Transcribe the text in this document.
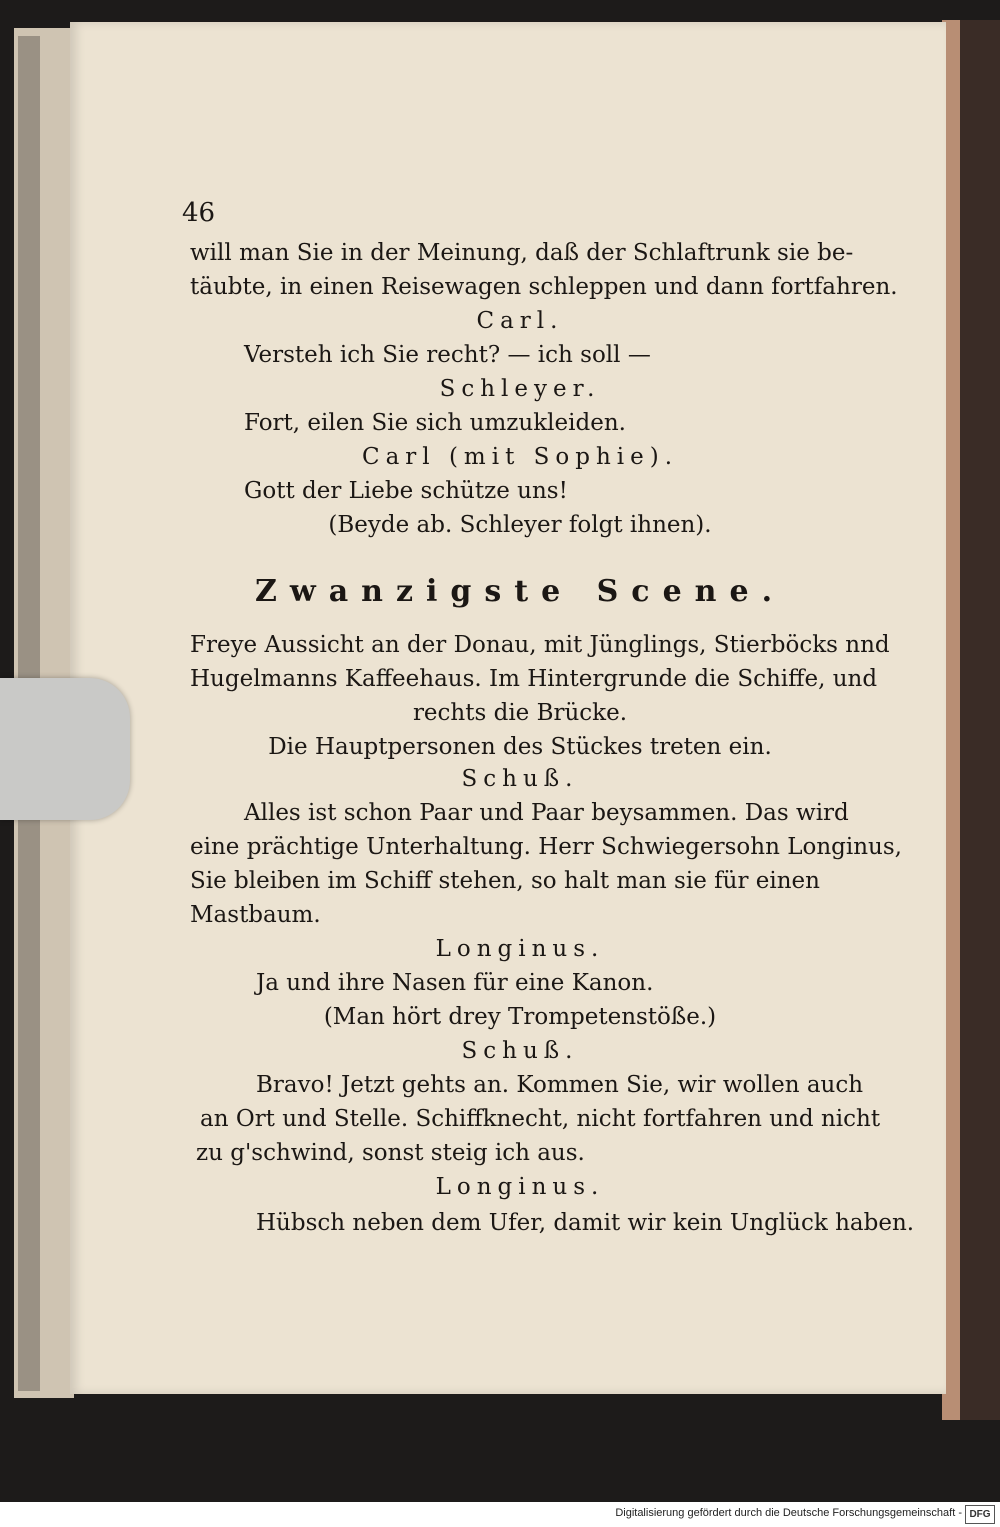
46
will man Sie in der Meinung, daß der Schlaftrunk sie be-
täubte, in einen Reisewagen schleppen und dann fortfahren.
Carl.
Versteh ich Sie recht? — ich soll —
Schleyer.
Fort, eilen Sie sich umzukleiden.
Carl (mit Sophie).
Gott der Liebe schütze uns!
(Beyde ab. Schleyer folgt ihnen).
Zwanzigste Scene.
Freye Aussicht an der Donau, mit Jünglings, Stierböcks nnd
Hugelmanns Kaffeehaus. Im Hintergrunde die Schiffe, und
rechts die Brücke.
Die Hauptpersonen des Stückes treten ein.
Schuß.
Alles ist schon Paar und Paar beysammen. Das wird
eine prächtige Unterhaltung. Herr Schwiegersohn Longinus,
Sie bleiben im Schiff stehen, so halt man sie für einen
Mastbaum.
Longinus.
Ja und ihre Nasen für eine Kanon.
(Man hört drey Trompetenstöße.)
Schuß.
Bravo! Jetzt gehts an. Kommen Sie, wir wollen auch
an Ort und Stelle. Schiffknecht, nicht fortfahren und nicht
zu g'schwind, sonst steig ich aus.
Longinus.
Hübsch neben dem Ufer, damit wir kein Unglück haben.
Digitalisierung gefördert durch die Deutsche Forschungsgemeinschaft - DFG
